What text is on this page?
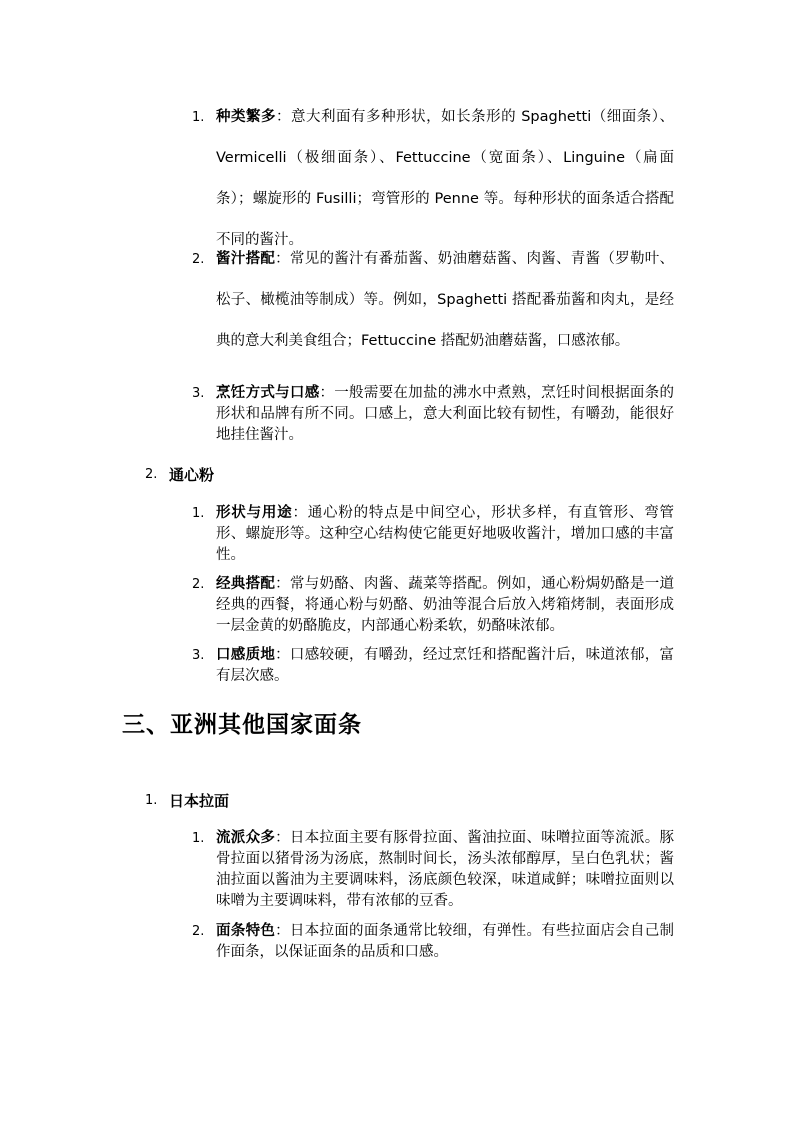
1. 种类繁多：意大利面有多种形状，如长条形的 Spaghetti（细面条）、Vermicelli（极细面条）、Fettuccine（宽面条）、Linguine（扁面条）；螺旋形的 Fusilli；弯管形的 Penne 等。每种形状的面条适合搭配不同的酱汁。
2. 酱汁搭配：常见的酱汁有番茄酱、奶油蘑菇酱、肉酱、青酱（罗勒叶、松子、橄榄油等制成）等。例如，Spaghetti 搭配番茄酱和肉丸，是经典的意大利美食组合；Fettuccine 搭配奶油蘑菇酱，口感浓郁。
3. 烹饪方式与口感：一般需要在加盐的沸水中煮熟，烹饪时间根据面条的形状和品牌有所不同。口感上，意大利面比较有韧性，有嚼劲，能很好地挂住酱汁。
2. 通心粉
1. 形状与用途：通心粉的特点是中间空心，形状多样，有直管形、弯管形、螺旋形等。这种空心结构使它能更好地吸收酱汁，增加口感的丰富性。
2. 经典搭配：常与奶酪、肉酱、蔬菜等搭配。例如，通心粉焗奶酪是一道经典的西餐，将通心粉与奶酪、奶油等混合后放入烤箱烤制，表面形成一层金黄的奶酪脆皮，内部通心粉柔软，奶酪味浓郁。
3. 口感质地：口感较硬，有嚼劲，经过烹饪和搭配酱汁后，味道浓郁，富有层次感。
三、亚洲其他国家面条
1. 日本拉面
1. 流派众多：日本拉面主要有豚骨拉面、酱油拉面、味噌拉面等流派。豚骨拉面以猪骨汤为汤底，熬制时间长，汤头浓郁醇厚，呈白色乳状；酱油拉面以酱油为主要调味料，汤底颜色较深，味道咸鲜；味噌拉面则以味噌为主要调味料，带有浓郁的豆香。
2. 面条特色：日本拉面的面条通常比较细，有弹性。有些拉面店会自己制作面条，以保证面条的品质和口感。
